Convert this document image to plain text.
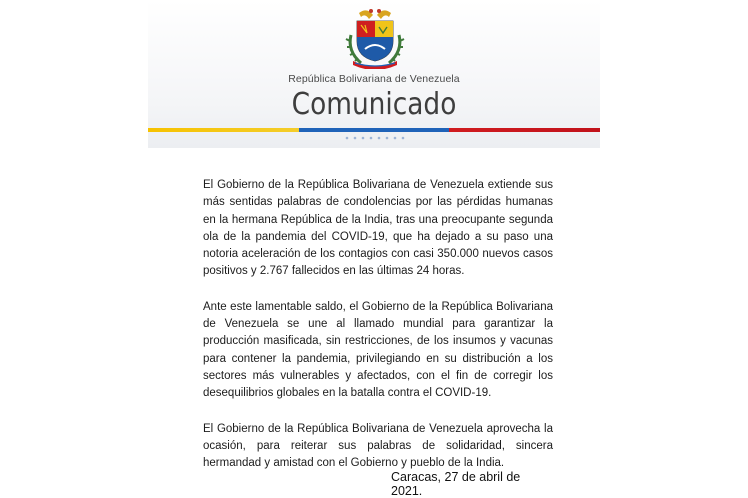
República Bolivariana de Venezuela
Comunicado

El Gobierno de la República Bolivariana de Venezuela extiende sus más sentidas palabras de condolencias por las pérdidas humanas en la hermana República de la India, tras una preocupante segunda ola de la pandemia del COVID-19, que ha dejado a su paso una notoria aceleración de los contagios con casi 350.000 nuevos casos positivos y 2.767 fallecidos en las últimas 24 horas.

Ante este lamentable saldo, el Gobierno de la República Bolivariana de Venezuela se une al llamado mundial para garantizar la producción masificada, sin restricciones, de los insumos y vacunas para contener la pandemia, privilegiando en su distribución a los sectores más vulnerables y afectados, con el fin de corregir los desequilibrios globales en la batalla contra el COVID-19.

El Gobierno de la República Bolivariana de Venezuela aprovecha la ocasión, para reiterar sus palabras de solidaridad, sincera hermandad y amistad con el Gobierno y pueblo de la India.

Caracas, 27 de abril de 2021.
